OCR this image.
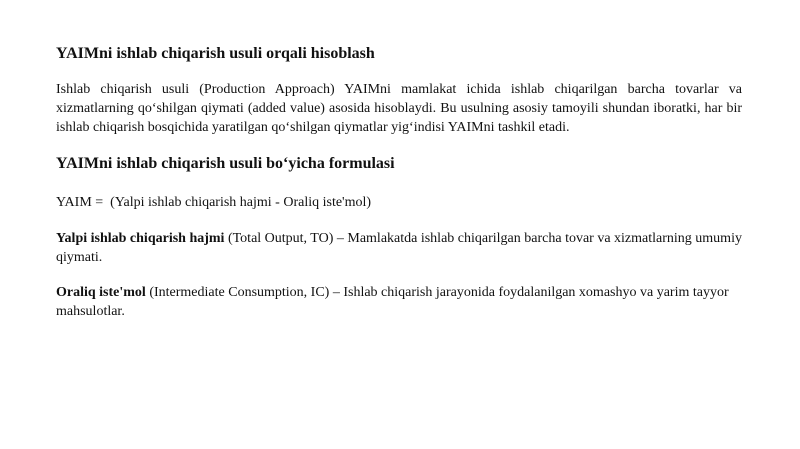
YAIMni ishlab chiqarish usuli orqali hisoblash

Ishlab chiqarish usuli (Production Approach) YAIMni mamlakat ichida ishlab chiqarilgan barcha tovarlar va xizmatlarning qo‘shilgan qiymati (added value) asosida hisoblaydi. Bu usulning asosiy tamoyili shundan iboratki, har bir ishlab chiqarish bosqichida yaratilgan qo‘shilgan qiymatlar yig‘indisi YAIMni tashkil etadi.

YAIMni ishlab chiqarish usuli bo‘yicha formulasi

YAIM =  (Yalpi ishlab chiqarish hajmi - Oraliq iste'mol)

Yalpi ishlab chiqarish hajmi (Total Output, TO) – Mamlakatda ishlab chiqarilgan barcha tovar va xizmatlarning umumiy qiymati.

Oraliq iste'mol (Intermediate Consumption, IC) – Ishlab chiqarish jarayonida foydalanilgan xomashyo va yarim tayyor mahsulotlar.
